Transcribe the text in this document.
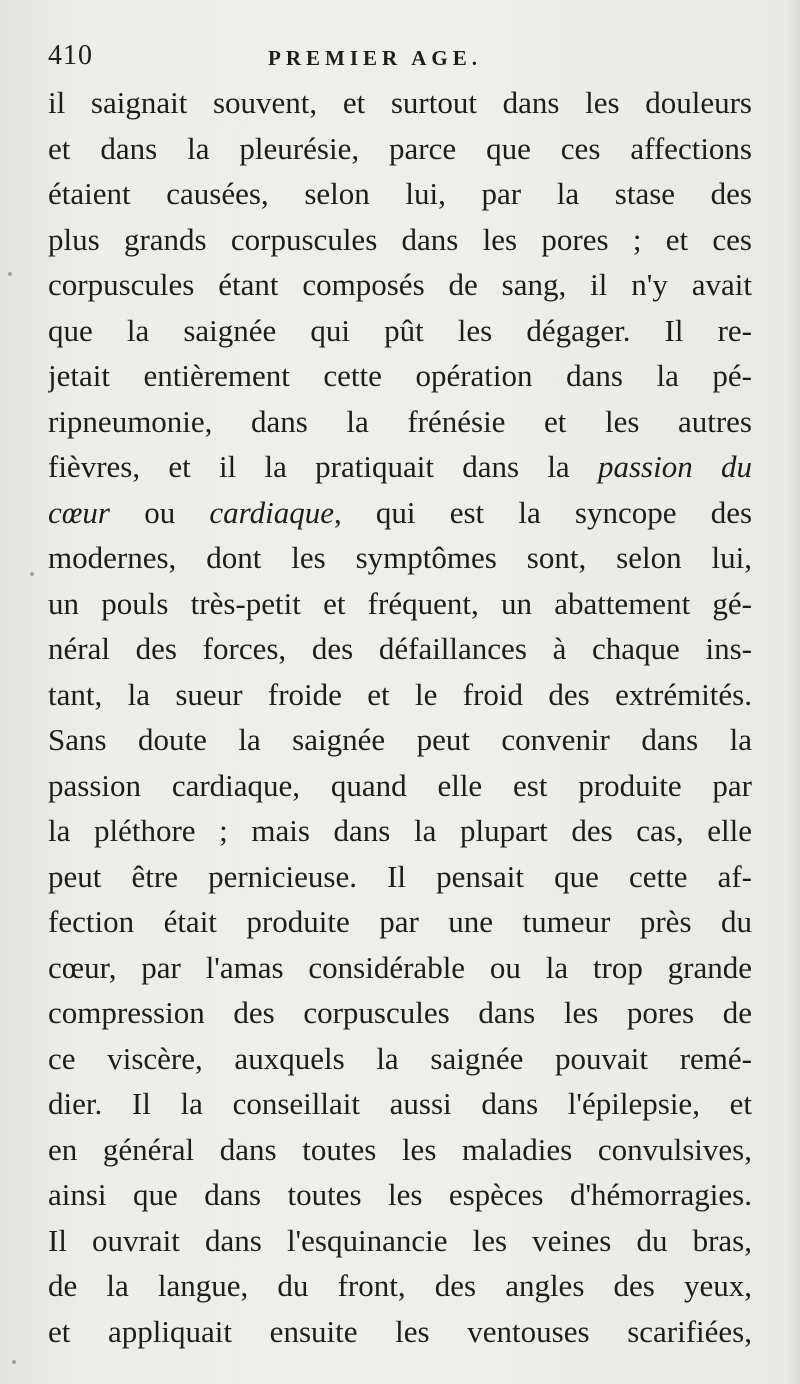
410	PREMIER AGE.
il saignait souvent, et surtout dans les douleurs
et dans la pleurésie, parce que ces affections
étaient causées, selon lui, par la stase des
plus grands corpuscules dans les pores ; et ces
corpuscules étant composés de sang, il n'y avait
que la saignée qui pût les dégager. Il re-
jetait entièrement cette opération dans la pé-
ripneumonie, dans la frénésie et les autres
fièvres, et il la pratiquait dans la passion du
cœur ou cardiaque, qui est la syncope des
modernes, dont les symptômes sont, selon lui,
un pouls très-petit et fréquent, un abattement gé-
néral des forces, des défaillances à chaque ins-
tant, la sueur froide et le froid des extrémités.
Sans doute la saignée peut convenir dans la
passion cardiaque, quand elle est produite par
la pléthore ; mais dans la plupart des cas, elle
peut être pernicieuse. Il pensait que cette af-
fection était produite par une tumeur près du
cœur, par l'amas considérable ou la trop grande
compression des corpuscules dans les pores de
ce viscère, auxquels la saignée pouvait remé-
dier. Il la conseillait aussi dans l'épilepsie, et
en général dans toutes les maladies convulsives,
ainsi que dans toutes les espèces d'hémorragies.
Il ouvrait dans l'esquinancie les veines du bras,
de la langue, du front, des angles des yeux,
et appliquait ensuite les ventouses scarifiées,
